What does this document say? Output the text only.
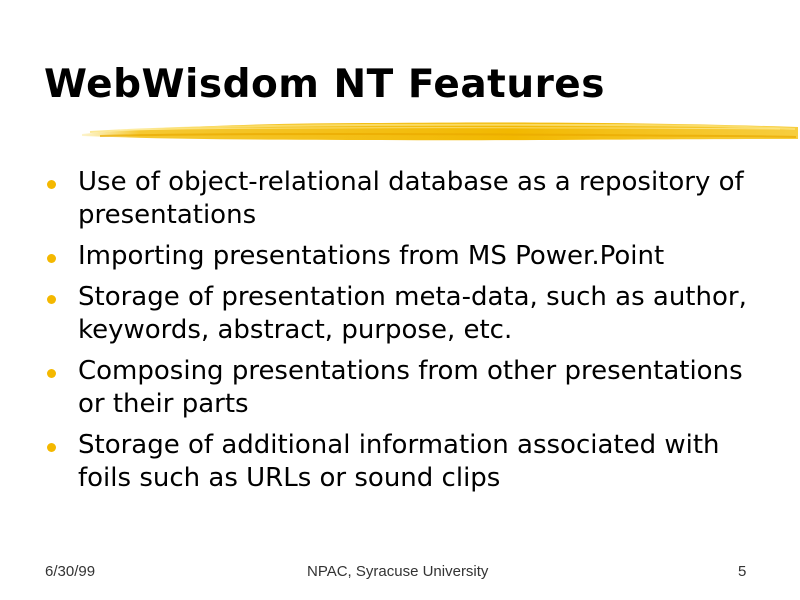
WebWisdom NT Features
Use of object-relational database as a repository of presentations
Importing presentations from MS Power.Point
Storage of presentation meta-data, such as author, keywords, abstract, purpose, etc.
Composing presentations from other presentations or their parts
Storage of additional information associated with foils such as URLs or sound clips
6/30/99	NPAC, Syracuse University	5
